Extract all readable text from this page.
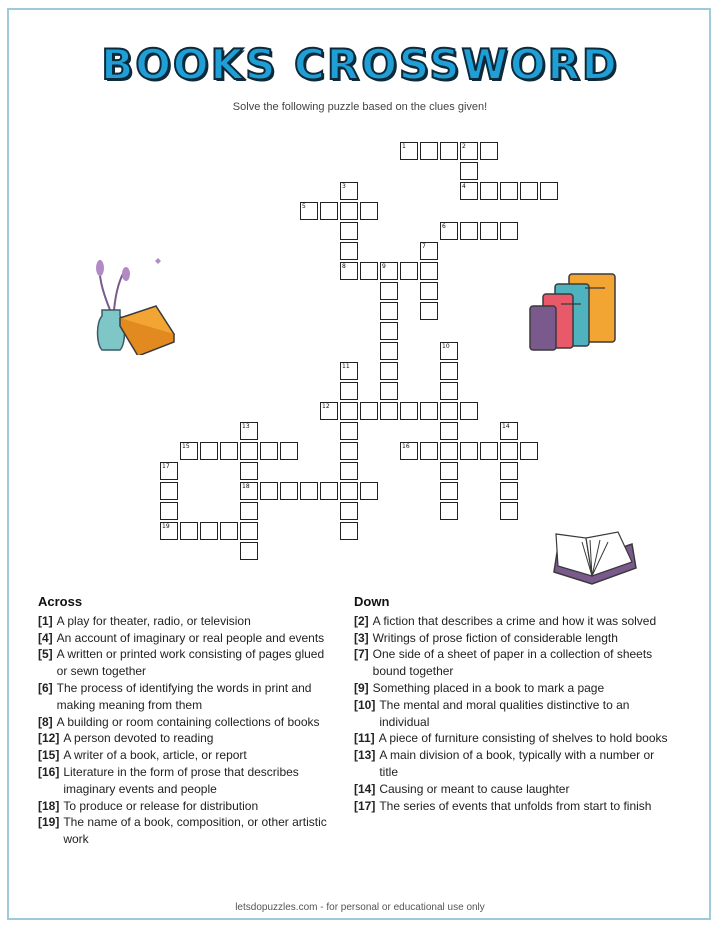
BOOKS CROSSWORD
Solve the following puzzle based on the clues given!
1	2
4
3
8
5
6
7
9
10
11
12
13
18
14
15	16
17
19
Across
[1] A play for theater, radio, or television
[4] An account of imaginary or real people and events
[5] A written or printed work consisting of pages glued or sewn together
[6] The process of identifying the words in print and making meaning from them
[8] A building or room containing collections of books
[12] A person devoted to reading
[15] A writer of a book, article, or report
[16] Literature in the form of prose that describes imaginary events and people
[18] To produce or release for distribution
[19] The name of a book, composition, or other artistic work
Down
[2] A fiction that describes a crime and how it was solved
[3] Writings of prose fiction of considerable length
[7] One side of a sheet of paper in a collection of sheets bound together
[9] Something placed in a book to mark a page
[10] The mental and moral qualities distinctive to an individual
[11] A piece of furniture consisting of shelves to hold books
[13] A main division of a book, typically with a number or title
[14] Causing or meant to cause laughter
[17] The series of events that unfolds from start to finish
letsdopuzzles.com - for personal or educational use only
